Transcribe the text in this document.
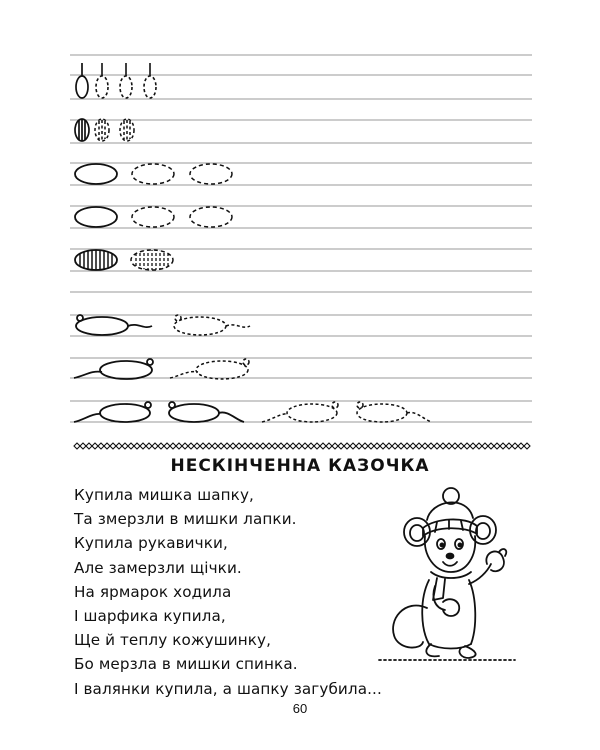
НЕСКІНЧЕННА КАЗОЧКА
Купила мишка шапку,
Та змерзли в мишки лапки.
Купила рукавички,
Але замерзли щічки.
На ярмарок ходила
І шарфика купила,
Ще й теплу кожушинку,
Бо мерзла в мишки спинка.
І валянки купила, а шапку загубила...
60
